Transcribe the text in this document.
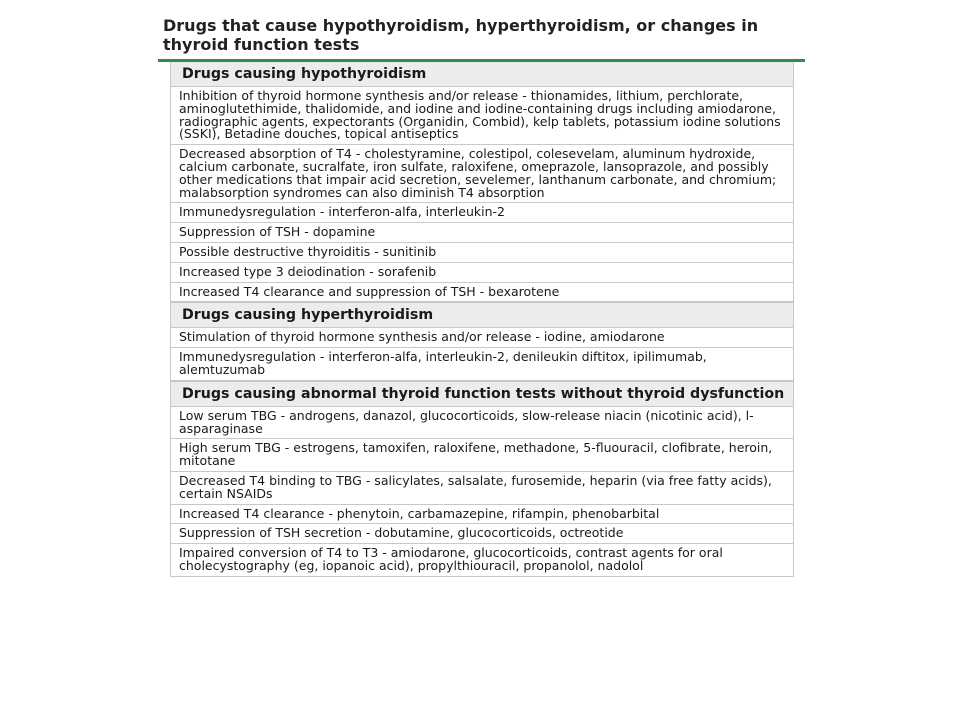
Drugs that cause hypothyroidism, hyperthyroidism, or changes in thyroid function tests
Drugs causing hypothyroidism
Inhibition of thyroid hormone synthesis and/or release - thionamides, lithium, perchlorate, aminoglutethimide, thalidomide, and iodine and iodine-containing drugs including amiodarone, radiographic agents, expectorants (Organidin, Combid), kelp tablets, potassium iodine solutions (SSKI), Betadine douches, topical antiseptics
Decreased absorption of T4 - cholestyramine, colestipol, colesevelam, aluminum hydroxide, calcium carbonate, sucralfate, iron sulfate, raloxifene, omeprazole, lansoprazole, and possibly other medications that impair acid secretion, sevelemer, lanthanum carbonate, and chromium; malabsorption syndromes can also diminish T4 absorption
Immunedysregulation - interferon-alfa, interleukin-2
Suppression of TSH - dopamine
Possible destructive thyroiditis - sunitinib
Increased type 3 deiodination - sorafenib
Increased T4 clearance and suppression of TSH - bexarotene
Drugs causing hyperthyroidism
Stimulation of thyroid hormone synthesis and/or release - iodine, amiodarone
Immunedysregulation - interferon-alfa, interleukin-2, denileukin diftitox, ipilimumab, alemtuzumab
Drugs causing abnormal thyroid function tests without thyroid dysfunction
Low serum TBG - androgens, danazol, glucocorticoids, slow-release niacin (nicotinic acid), l-asparaginase
High serum TBG - estrogens, tamoxifen, raloxifene, methadone, 5-fluouracil, clofibrate, heroin, mitotane
Decreased T4 binding to TBG - salicylates, salsalate, furosemide, heparin (via free fatty acids), certain NSAIDs
Increased T4 clearance - phenytoin, carbamazepine, rifampin, phenobarbital
Suppression of TSH secretion - dobutamine, glucocorticoids, octreotide
Impaired conversion of T4 to T3 - amiodarone, glucocorticoids, contrast agents for oral cholecystography (eg, iopanoic acid), propylthiouracil, propanolol, nadolol
